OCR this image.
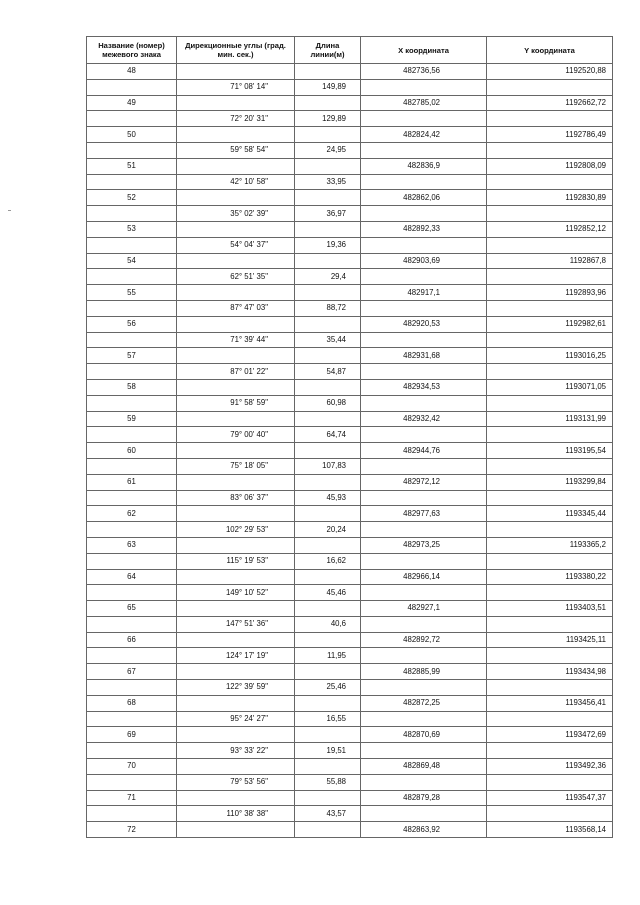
Название (номер) межевого знака	Дирекционные углы (град. мин. сек.)	Длина линии(м)	X координата	Y координата
48			482736,56	1192520,88
	71° 08' 14"	149,89		
49			482785,02	1192662,72
	72° 20' 31"	129,89		
50			482824,42	1192786,49
	59° 58' 54"	24,95		
51			482836,9	1192808,09
	42° 10' 58"	33,95		
52			482862,06	1192830,89
	35° 02' 39"	36,97		
53			482892,33	1192852,12
	54° 04' 37"	19,36		
54			482903,69	1192867,8
	62° 51' 35"	29,4		
55			482917,1	1192893,96
	87° 47' 03"	88,72		
56			482920,53	1192982,61
	71° 39' 44"	35,44		
57			482931,68	1193016,25
	87° 01' 22"	54,87		
58			482934,53	1193071,05
	91° 58' 59"	60,98		
59			482932,42	1193131,99
	79° 00' 40"	64,74		
60			482944,76	1193195,54
	75° 18' 05"	107,83		
61			482972,12	1193299,84
	83° 06' 37"	45,93		
62			482977,63	1193345,44
	102° 29' 53"	20,24		
63			482973,25	1193365,2
	115° 19' 53"	16,62		
64			482966,14	1193380,22
	149° 10' 52"	45,46		
65			482927,1	1193403,51
	147° 51' 36"	40,6		
66			482892,72	1193425,11
	124° 17' 19"	11,95		
67			482885,99	1193434,98
	122° 39' 59"	25,46		
68			482872,25	1193456,41
	95° 24' 27"	16,55		
69			482870,69	1193472,69
	93° 33' 22"	19,51		
70			482869,48	1193492,36
	79° 53' 56"	55,88		
71			482879,28	1193547,37
	110° 38' 38"	43,57		
72			482863,92	1193568,14
